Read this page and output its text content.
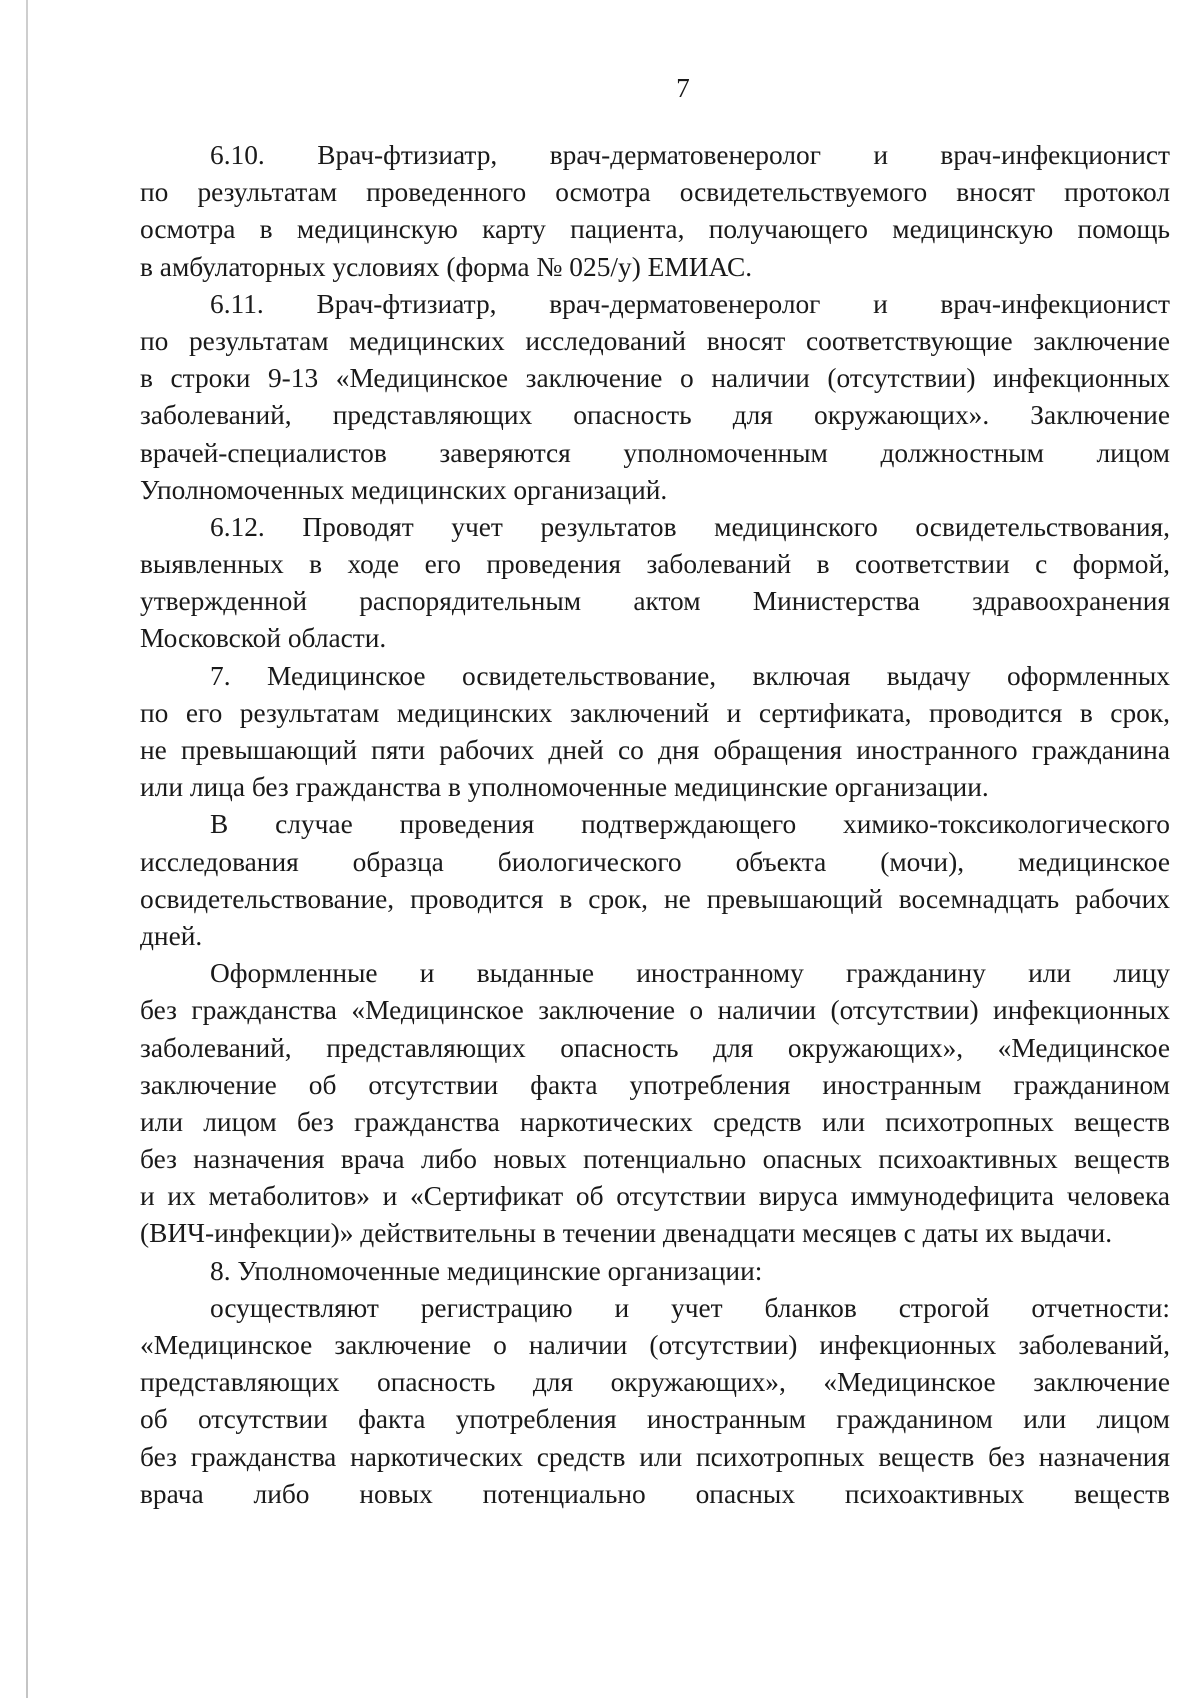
7
6.10. Врач-фтизиатр, врач-дерматовенеролог и врач-инфекционист
по результатам проведенного осмотра освидетельствуемого вносят протокол
осмотра в медицинскую карту пациента, получающего медицинскую помощь
в амбулаторных условиях (форма № 025/у) ЕМИАС.
6.11. Врач-фтизиатр, врач-дерматовенеролог и врач-инфекционист
по результатам медицинских исследований вносят соответствующие заключение
в строки 9-13 «Медицинское заключение о наличии (отсутствии) инфекционных
заболеваний, представляющих опасность для окружающих». Заключение
врачей-специалистов заверяются уполномоченным должностным лицом
Уполномоченных медицинских организаций.
6.12. Проводят учет результатов медицинского освидетельствования,
выявленных в ходе его проведения заболеваний в соответствии с формой,
утвержденной распорядительным актом Министерства здравоохранения
Московской области.
7. Медицинское освидетельствование, включая выдачу оформленных
по его результатам медицинских заключений и сертификата, проводится в срок,
не превышающий пяти рабочих дней со дня обращения иностранного гражданина
или лица без гражданства в уполномоченные медицинские организации.
В случае проведения подтверждающего химико-токсикологического
исследования образца биологического объекта (мочи), медицинское
освидетельствование, проводится в срок, не превышающий восемнадцать рабочих
дней.
Оформленные и выданные иностранному гражданину или лицу
без гражданства «Медицинское заключение о наличии (отсутствии) инфекционных
заболеваний, представляющих опасность для окружающих», «Медицинское
заключение об отсутствии факта употребления иностранным гражданином
или лицом без гражданства наркотических средств или психотропных веществ
без назначения врача либо новых потенциально опасных психоактивных веществ
и их метаболитов» и «Сертификат об отсутствии вируса иммунодефицита человека
(ВИЧ-инфекции)» действительны в течении двенадцати месяцев с даты их выдачи.
8. Уполномоченные медицинские организации:
осуществляют регистрацию и учет бланков строгой отчетности:
«Медицинское заключение о наличии (отсутствии) инфекционных заболеваний,
представляющих опасность для окружающих», «Медицинское заключение
об отсутствии факта употребления иностранным гражданином или лицом
без гражданства наркотических средств или психотропных веществ без назначения
врача либо новых потенциально опасных психоактивных веществ
